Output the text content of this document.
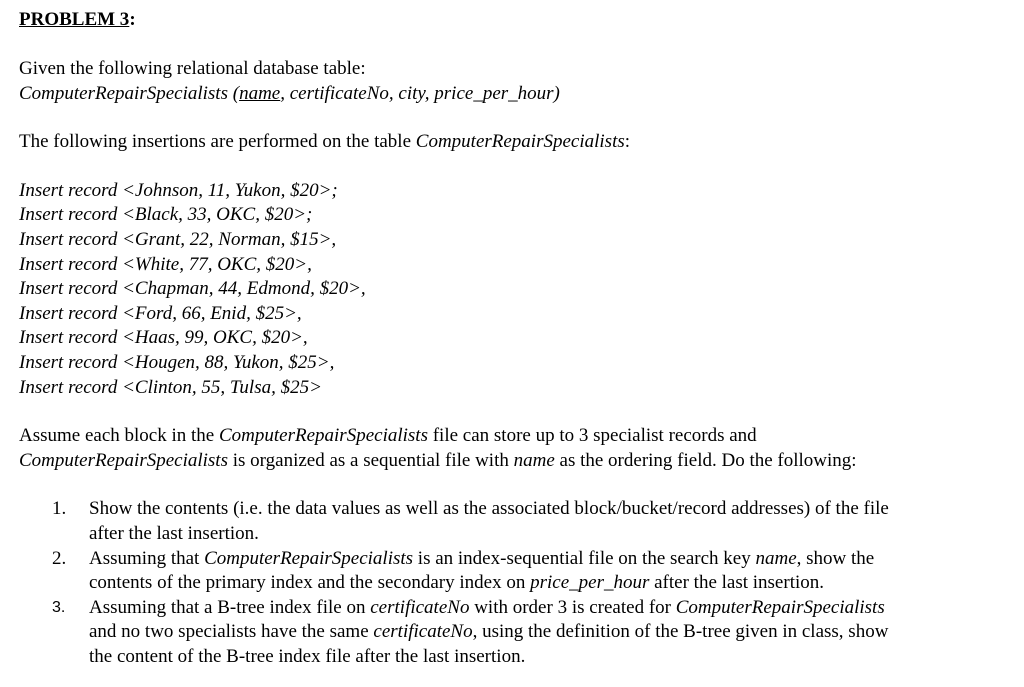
PROBLEM 3:

Given the following relational database table:
ComputerRepairSpecialists (name, certificateNo, city, price_per_hour)
The following insertions are performed on the table ComputerRepairSpecialists:
Insert record <Johnson, 11, Yukon, $20>;
Insert record <Black, 33, OKC, $20>;
Insert record <Grant, 22, Norman, $15>,
Insert record <White, 77, OKC, $20>,
Insert record <Chapman, 44, Edmond, $20>,
Insert record <Ford, 66, Enid, $25>,
Insert record <Haas, 99, OKC, $20>,
Insert record <Hougen, 88, Yukon, $25>,
Insert record <Clinton, 55, Tulsa, $25>
Assume each block in the ComputerRepairSpecialists file can store up to 3 specialist records and
ComputerRepairSpecialists is organized as a sequential file with name as the ordering field. Do the following:
1.	Show the contents (i.e. the data values as well as the associated block/bucket/record addresses) of the file
after the last insertion.
2.	Assuming that ComputerRepairSpecialists is an index-sequential file on the search key name, show the
contents of the primary index and the secondary index on price_per_hour after the last insertion.
3.	Assuming that a B-tree index file on certificateNo with order 3 is created for ComputerRepairSpecialists
and no two specialists have the same certificateNo, using the definition of the B-tree given in class, show
the content of the B-tree index file after the last insertion.
